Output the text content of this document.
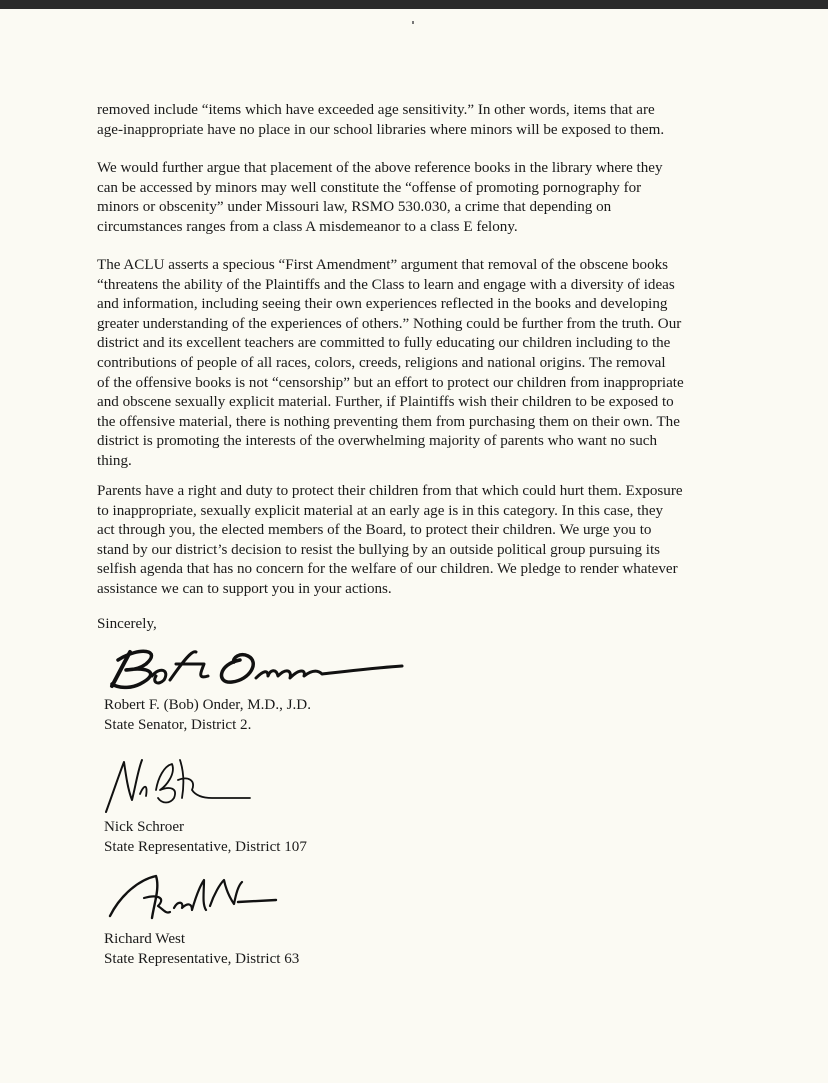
removed include “items which have exceeded age sensitivity.” In other words, items that are
age-inappropriate have no place in our school libraries where minors will be exposed to them.

We would further argue that placement of the above reference books in the library where they
can be accessed by minors may well constitute the “offense of promoting pornography for
minors or obscenity” under Missouri law, RSMO 530.030, a crime that depending on
circumstances ranges from a class A misdemeanor to a class E felony.

The ACLU asserts a specious “First Amendment” argument that removal of the obscene books
“threatens the ability of the Plaintiffs and the Class to learn and engage with a diversity of ideas
and information, including seeing their own experiences reflected in the books and developing
greater understanding of the experiences of others.” Nothing could be further from the truth. Our
district and its excellent teachers are committed to fully educating our children including to the
contributions of people of all races, colors, creeds, religions and national origins. The removal
of the offensive books is not “censorship” but an effort to protect our children from inappropriate
and obscene sexually explicit material. Further, if Plaintiffs wish their children to be exposed to
the offensive material, there is nothing preventing them from purchasing them on their own. The
district is promoting the interests of the overwhelming majority of parents who want no such
thing.

Parents have a right and duty to protect their children from that which could hurt them. Exposure
to inappropriate, sexually explicit material at an early age is in this category. In this case, they
act through you, the elected members of the Board, to protect their children. We urge you to
stand by our district’s decision to resist the bullying by an outside political group pursuing its
selfish agenda that has no concern for the welfare of our children. We pledge to render whatever
assistance we can to support you in your actions.

Sincerely,

Robert F. (Bob) Onder, M.D., J.D.

State Senator, District 2.

Nick Schroer

State Representative, District 107

Richard West

State Representative, District 63
